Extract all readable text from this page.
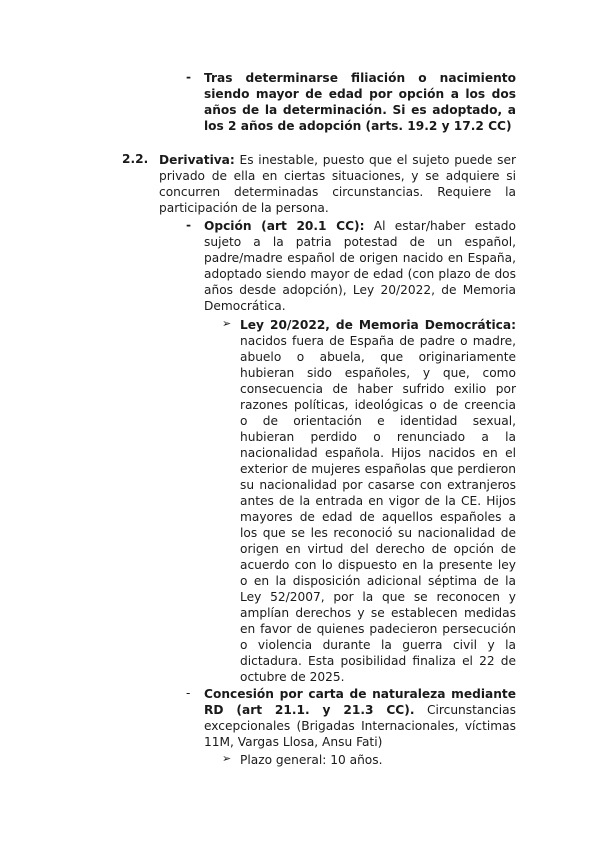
- Tras determinarse filiación o nacimiento siendo mayor de edad por opción a los dos años de la determinación. Si es adoptado, a los 2 años de adopción (arts. 19.2 y 17.2 CC)
2.2. Derivativa: Es inestable, puesto que el sujeto puede ser privado de ella en ciertas situaciones, y se adquiere si concurren determinadas circunstancias. Requiere la participación de la persona.
- Opción (art 20.1 CC): Al estar/haber estado sujeto a la patria potestad de un español, padre/madre español de origen nacido en España, adoptado siendo mayor de edad (con plazo de dos años desde adopción), Ley 20/2022, de Memoria Democrática.
➢ Ley 20/2022, de Memoria Democrática: nacidos fuera de España de padre o madre, abuelo o abuela, que originariamente hubieran sido españoles, y que, como consecuencia de haber sufrido exilio por razones políticas, ideológicas o de creencia o de orientación e identidad sexual, hubieran perdido o renunciado a la nacionalidad española. Hijos nacidos en el exterior de mujeres españolas que perdieron su nacionalidad por casarse con extranjeros antes de la entrada en vigor de la CE. Hijos mayores de edad de aquellos españoles a los que se les reconoció su nacionalidad de origen en virtud del derecho de opción de acuerdo con lo dispuesto en la presente ley o en la disposición adicional séptima de la Ley 52/2007, por la que se reconocen y amplían derechos y se establecen medidas en favor de quienes padecieron persecución o violencia durante la guerra civil y la dictadura. Esta posibilidad finaliza el 22 de octubre de 2025.
- Concesión por carta de naturaleza mediante RD (art 21.1. y 21.3 CC). Circunstancias excepcionales (Brigadas Internacionales, víctimas 11M, Vargas Llosa, Ansu Fati)
➢ Plazo general: 10 años.
